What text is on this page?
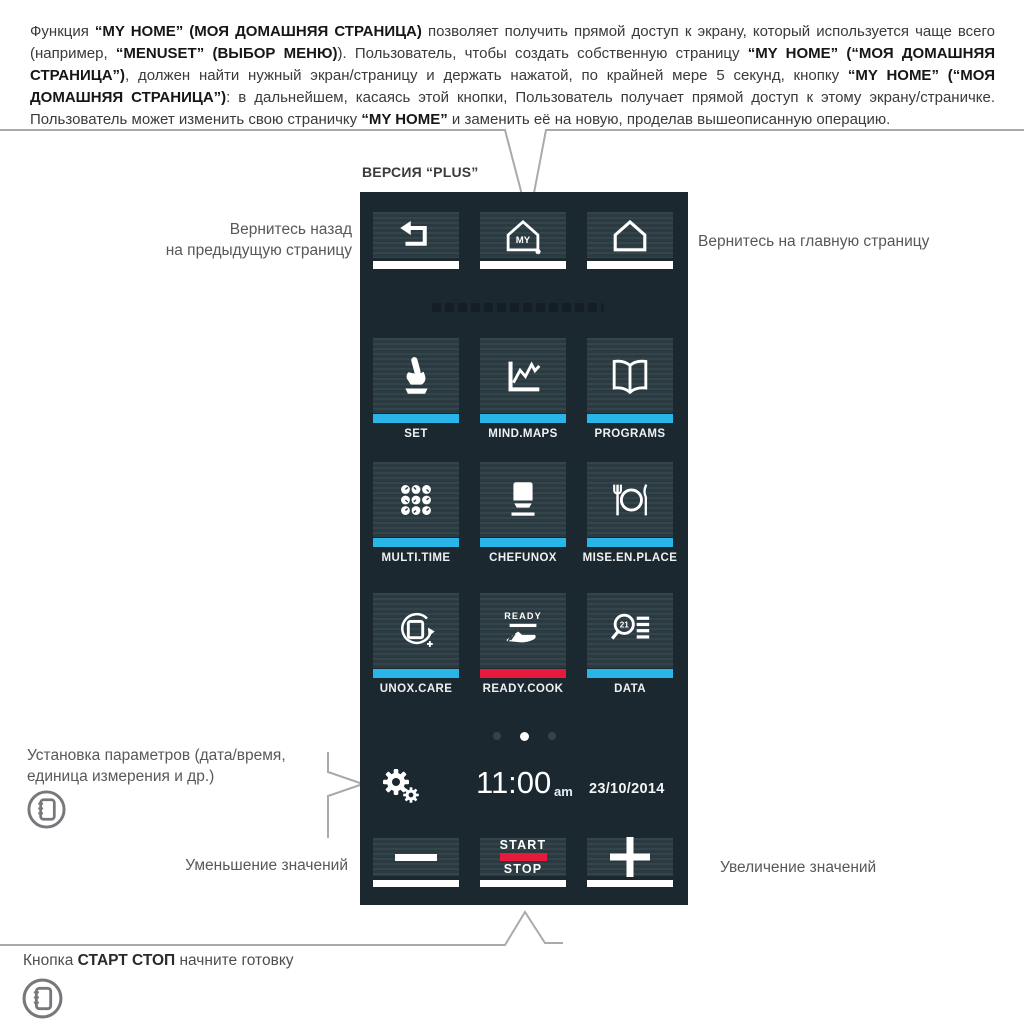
Функция “MY HOME” (МОЯ ДОМАШНЯЯ СТРАНИЦА) позволяет получить прямой доступ к экрану, который используется чаще всего (например, “MENUSET” (ВЫБОР МЕНЮ)). Пользователь, чтобы создать собственную страницу “MY HOME” (“МОЯ ДОМАШНЯЯ СТРАНИЦА”), должен найти нужный экран/страницу и держать нажатой, по крайней мере 5 секунд, кнопку “MY HOME” (“МОЯ ДОМАШНЯЯ СТРАНИЦА”): в дальнейшем, касаясь этой кнопки, Пользователь получает прямой доступ к этому экрану/страничке. Пользователь может изменить свою страничку “MY HOME” и заменить её на новую, проделав вышеописанную операцию.

ВЕРСИЯ “PLUS”
Вернитесь назад
на предыдущую страницу
Вернитесь на главную страницу
Установка параметров (дата/время,
единица измерения и др.)
Уменьшение значений	Увеличение значений
Кнопка СТАРТ СТОП начните готовку
MY
SET	MIND.MAPS	PROGRAMS
MULTI.TIME	CHEFUNOX	MISE.EN.PLACE
READY
21
UNOX.CARE	READY.COOK	DATA
11:00 am 23/10/2014
START
STOP
